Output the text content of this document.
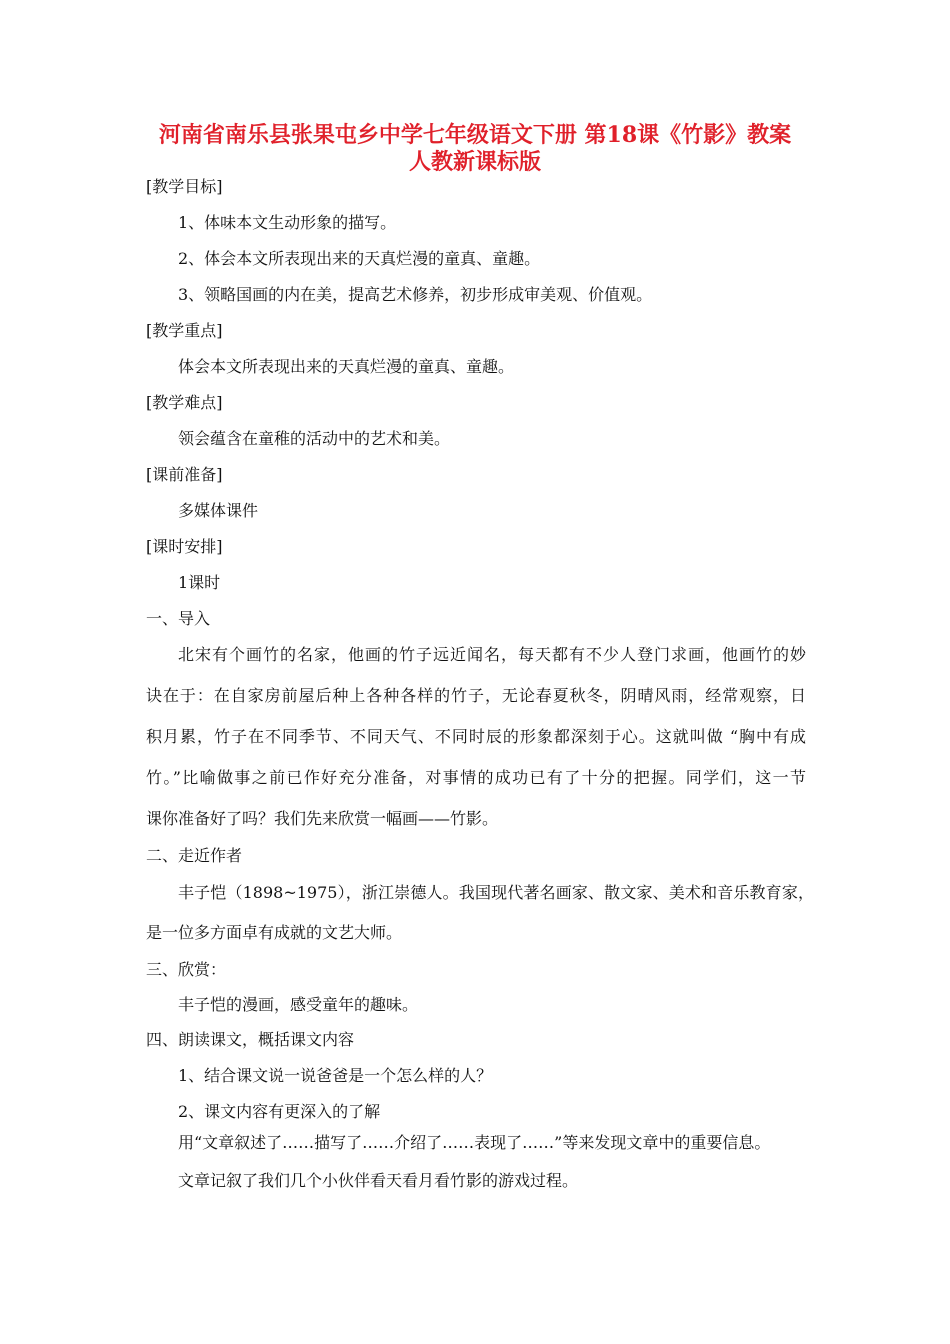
河南省南乐县张果屯乡中学七年级语文下册 第18课《竹影》教案
人教新课标版
[教学目标]
1、体味本文生动形象的描写。
2、体会本文所表现出来的天真烂漫的童真、童趣。
3、领略国画的内在美，提高艺术修养，初步形成审美观、价值观。
[教学重点]
体会本文所表现出来的天真烂漫的童真、童趣。
[教学难点]
领会蕴含在童稚的活动中的艺术和美。
[课前准备]
多媒体课件
[课时安排]
1课时
一、导入
北宋有个画竹的名家，他画的竹子远近闻名，每天都有不少人登门求画，他画竹的妙
诀在于：在自家房前屋后种上各种各样的竹子，无论春夏秋冬，阴晴风雨，经常观察，日
积月累，竹子在不同季节、不同天气、不同时辰的形象都深刻于心。这就叫做 “胸中有成
竹。”比喻做事之前已作好充分准备，对事情的成功已有了十分的把握。同学们，这一节
课你准备好了吗？我们先来欣赏一幅画——竹影。
二、走近作者
丰子恺（1898~1975），浙江崇德人。我国现代著名画家、散文家、美术和音乐教育家，
是一位多方面卓有成就的文艺大师。
三、欣赏：
丰子恺的漫画，感受童年的趣味。
四、朗读课文，概括课文内容
1、结合课文说一说爸爸是一个怎么样的人？
2、课文内容有更深入的了解
用“文章叙述了……描写了……介绍了……表现了……”等来发现文章中的重要信息。
文章记叙了我们几个小伙伴看天看月看竹影的游戏过程。
